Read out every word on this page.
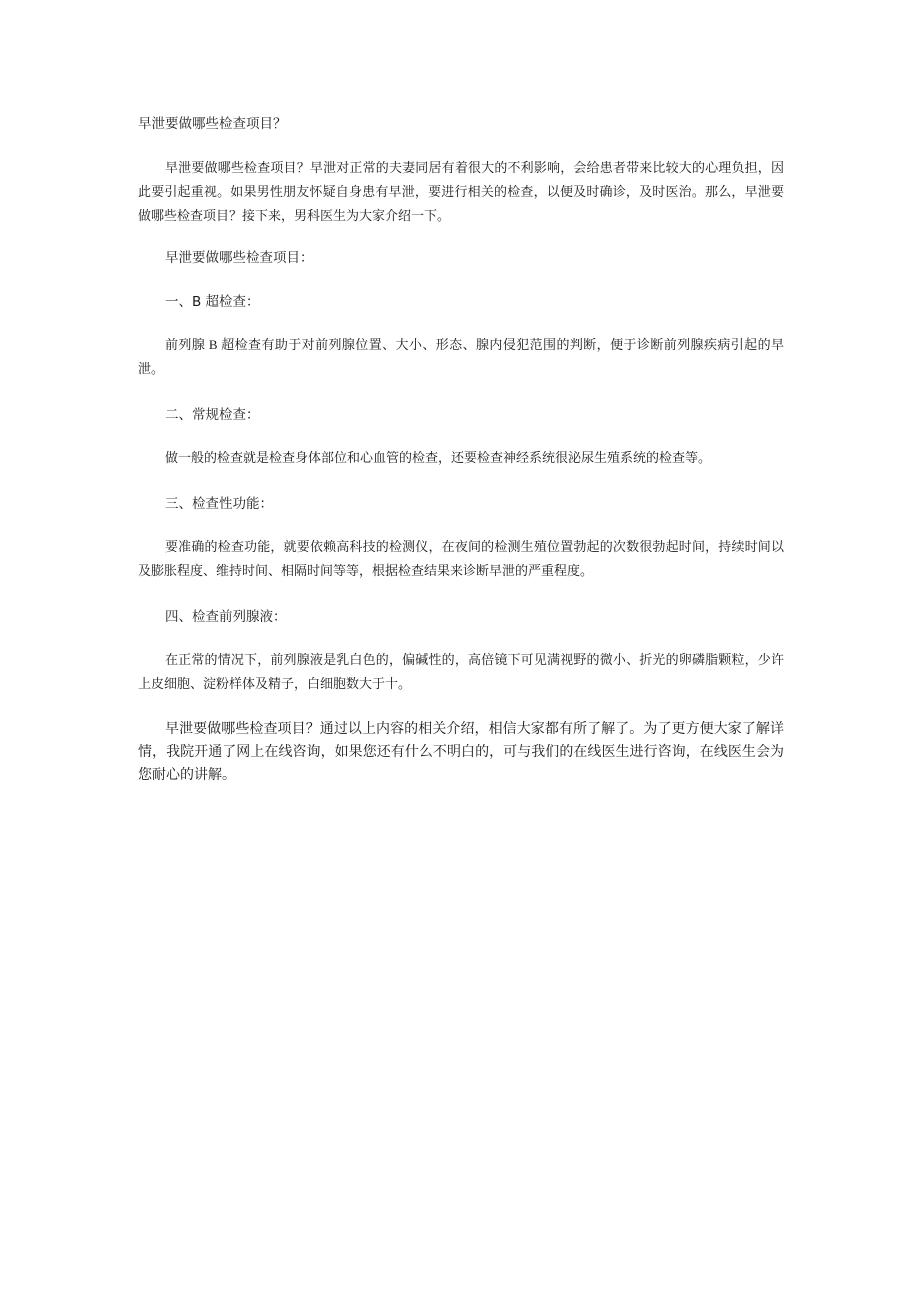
早泄要做哪些检查项目？

早泄要做哪些检查项目？早泄对正常的夫妻同居有着很大的不利影响，会给患者带来比较大的心理负担，因此要引起重视。如果男性朋友怀疑自身患有早泄，要进行相关的检查，以便及时确诊，及时医治。那么，早泄要做哪些检查项目？接下来，男科医生为大家介绍一下。

早泄要做哪些检查项目：
一、B 超检查：

前列腺 B 超检查有助于对前列腺位置、大小、形态、腺内侵犯范围的判断，便于诊断前列腺疾病引起的早泄。

二、常规检查：

做一般的检查就是检查身体部位和心血管的检查，还要检查神经系统很泌尿生殖系统的检查等。

三、检查性功能：

要准确的检查功能，就要依赖高科技的检测仪，在夜间的检测生殖位置勃起的次数很勃起时间，持续时间以及膨胀程度、维持时间、相隔时间等等，根据检查结果来诊断早泄的严重程度。

四、检查前列腺液：

在正常的情况下，前列腺液是乳白色的，偏碱性的，高倍镜下可见满视野的微小、折光的卵磷脂颗粒，少许上皮细胞、淀粉样体及精子，白细胞数大于十。

早泄要做哪些检查项目？通过以上内容的相关介绍，相信大家都有所了解了。为了更方便大家了解详情，我院开通了网上在线咨询，如果您还有什么不明白的，可与我们的在线医生进行咨询，在线医生会为您耐心的讲解。
